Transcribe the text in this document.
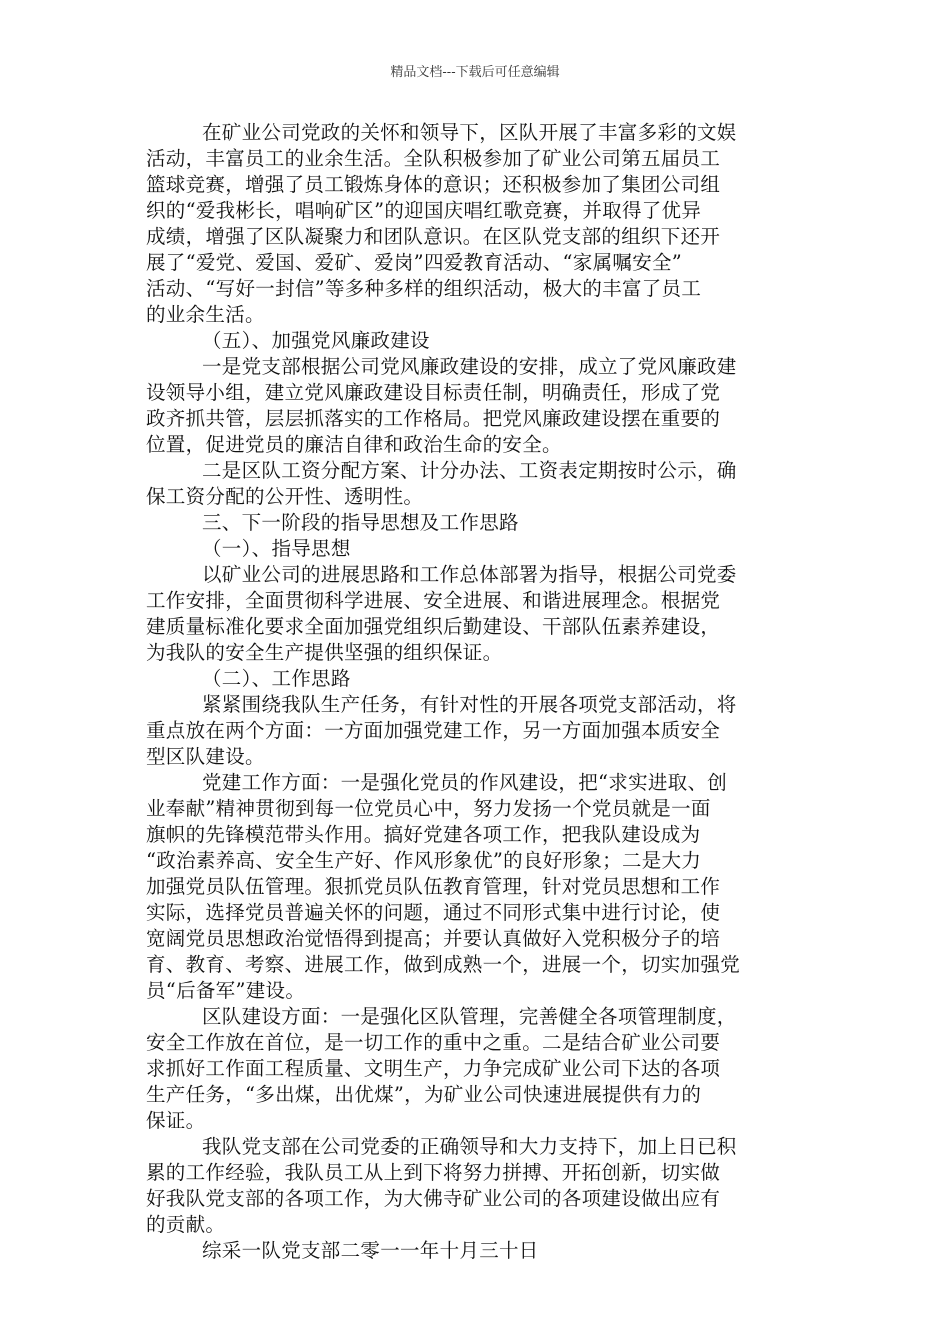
精品文档---下载后可任意编辑
在矿业公司党政的关怀和领导下，区队开展了丰富多彩的文娱
活动，丰富员工的业余生活。全队积极参加了矿业公司第五届员工
篮球竞赛，增强了员工锻炼身体的意识；还积极参加了集团公司组
织的“爱我彬长，唱响矿区”的迎国庆唱红歌竞赛，并取得了优异
成绩，增强了区队凝聚力和团队意识。在区队党支部的组织下还开
展了“爱党、爱国、爱矿、爱岗”四爱教育活动、“家属嘱安全”
活动、“写好一封信”等多种多样的组织活动，极大的丰富了员工
的业余生活。
（五）、加强党风廉政建设
一是党支部根据公司党风廉政建设的安排，成立了党风廉政建
设领导小组，建立党风廉政建设目标责任制，明确责任，形成了党
政齐抓共管，层层抓落实的工作格局。把党风廉政建设摆在重要的
位置，促进党员的廉洁自律和政治生命的安全。
二是区队工资分配方案、计分办法、工资表定期按时公示，确
保工资分配的公开性、透明性。
三、下一阶段的指导思想及工作思路
（一）、指导思想
以矿业公司的进展思路和工作总体部署为指导，根据公司党委
工作安排，全面贯彻科学进展、安全进展、和谐进展理念。根据党
建质量标准化要求全面加强党组织后勤建设、干部队伍素养建设，
为我队的安全生产提供坚强的组织保证。
（二）、工作思路
紧紧围绕我队生产任务，有针对性的开展各项党支部活动，将
重点放在两个方面：一方面加强党建工作，另一方面加强本质安全
型区队建设。
党建工作方面：一是强化党员的作风建设，把“求实进取、创
业奉献”精神贯彻到每一位党员心中，努力发扬一个党员就是一面
旗帜的先锋模范带头作用。搞好党建各项工作，把我队建设成为
“政治素养高、安全生产好、作风形象优”的良好形象；二是大力
加强党员队伍管理。狠抓党员队伍教育管理，针对党员思想和工作
实际，选择党员普遍关怀的问题，通过不同形式集中进行讨论，使
宽阔党员思想政治觉悟得到提高；并要认真做好入党积极分子的培
育、教育、考察、进展工作，做到成熟一个，进展一个，切实加强党
员“后备军”建设。
区队建设方面：一是强化区队管理，完善健全各项管理制度，
安全工作放在首位，是一切工作的重中之重。二是结合矿业公司要
求抓好工作面工程质量、文明生产，力争完成矿业公司下达的各项
生产任务，“多出煤，出优煤”，为矿业公司快速进展提供有力的
保证。
我队党支部在公司党委的正确领导和大力支持下，加上日已积
累的工作经验，我队员工从上到下将努力拼搏、开拓创新，切实做
好我队党支部的各项工作，为大佛寺矿业公司的各项建设做出应有
的贡献。
综采一队党支部二零一一年十月三十日
